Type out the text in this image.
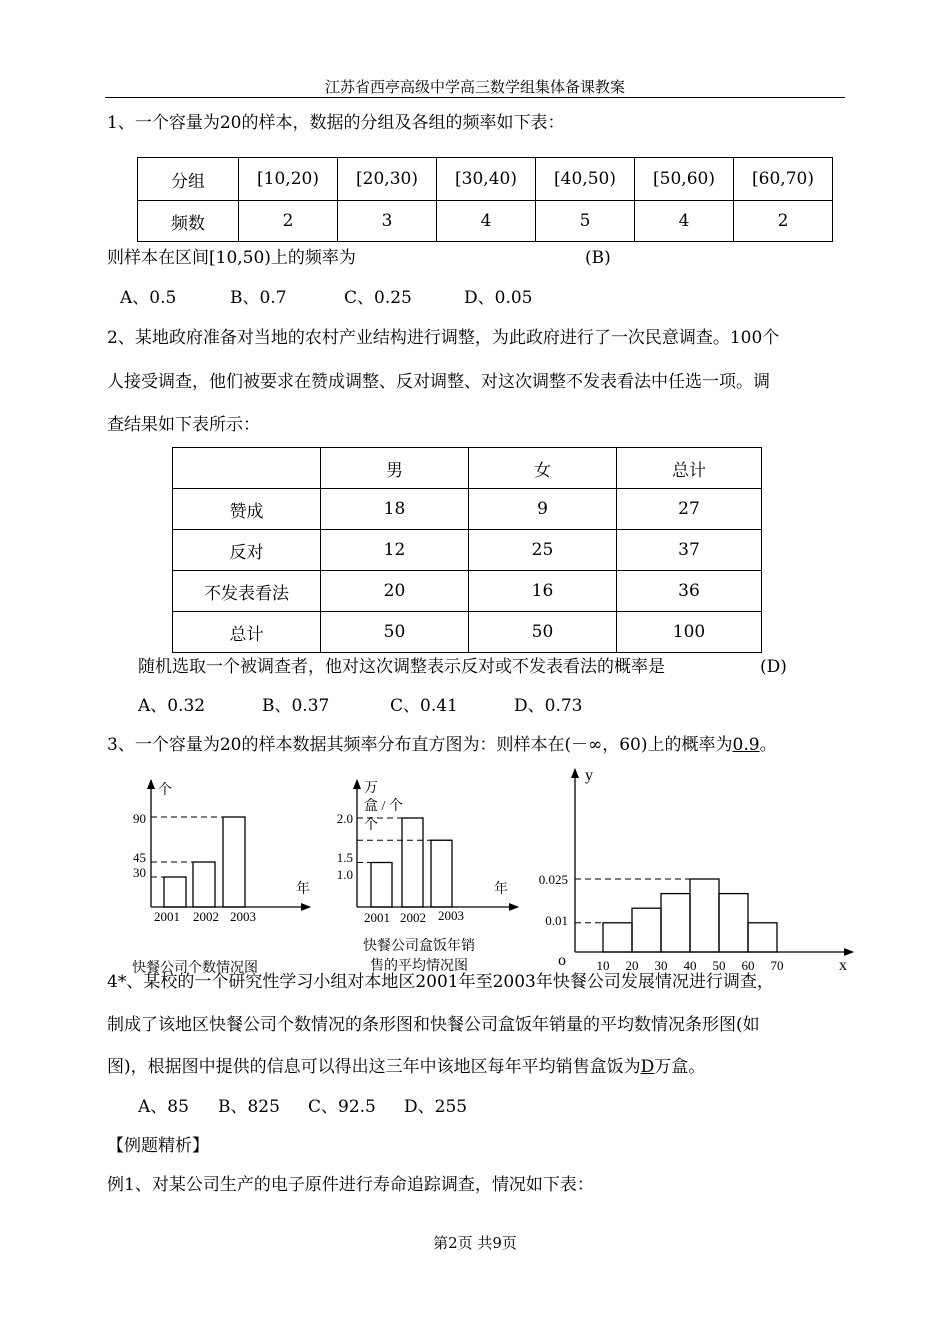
江苏省西亭高级中学高三数学组集体备课教案
1、一个容量为20的样本，数据的分组及各组的频率如下表：
分组	[10,20)	[20,30)	[30,40)	[40,50)	[50,60)	[60,70)
频数	2	3	4	5	4	2
则样本在区间[10,50)上的频率为	(B)
A、0.5	B、0.7	C、0.25	D、0.05
2、某地政府准备对当地的农村产业结构进行调整，为此政府进行了一次民意调查。100个
人接受调查，他们被要求在赞成调整、反对调整、对这次调整不发表看法中任选一项。调
查结果如下表所示：
	男	女	总计
赞成	18	9	27
反对	12	25	37
不发表看法	20	16	36
总计	50	50	100
随机选取一个被调查者，他对这次调整表示反对或不发表看法的概率是	(D)
A、0.32	B、0.37	C、0.41	D、0.73
3、一个容量为20的样本数据其频率分布直方图为：则样本在(－∞，60)上的概率为0.9。
个
年
90
45
30
2001 2002 2003
快餐公司个数情况图
万
盒 / 个
个
年
2.0
1.5
1.0
2001 2002 2003
快餐公司盒饭年销
售的平均情况图
y
x
o
0.025
0.01
10 20 30 40 50 60 70
4*、某校的一个研究性学习小组对本地区2001年至2003年快餐公司发展情况进行调查，
制成了该地区快餐公司个数情况的条形图和快餐公司盒饭年销量的平均数情况条形图(如
图)，根据图中提供的信息可以得出这三年中该地区每年平均销售盒饭为D万盒。
A、85 B、825 C、92.5 D、255
【例题精析】
例1、对某公司生产的电子原件进行寿命追踪调查，情况如下表：
第2页 共9页
